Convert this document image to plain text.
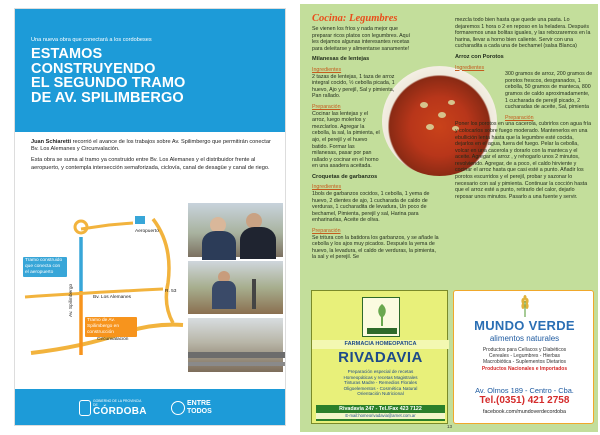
Una nueva obra que conectará a los cordobeses
ESTAMOS
CONSTRUYENDO
EL SEGUNDO TRAMO
DE AV. SPILIMBERGO

Juan Schiaretti recorrió el avance de los trabajos sobre Av. Spilimbergo que permitirán conectar Bv. Los Alemanes y Circunvalación.

Esta obra se suma al tramo ya construido entre Bv. Los Alemanes y el distribuidor frente al aeropuerto, y contempla intersección semaforizada, ciclovía, canal de desagüe y canal de riego.

Aeropuerto
R. 53
Bv. Los Alemanes
Av. Spilimbergo
Circunvalación
Tramo construido que conecta con el aeropuerto
Tramo de Av. Spilimbergo en construcción
GOBIERNO DE LA PROVINCIA DE
CÓRDOBA
ENTRE
TODOS
Cocina: Legumbres

Se vienen los fríos y nada mejor que preparar ricos platos con legumbres. Aquí les dejamos algunas interesantes recetas para deleitarse y alimentarse sanamente!

Milanesas de lentejas

Ingredientes

2 tazas de lentejas, 1 taza de arroz integral cocido, ½ cebolla picada, 1 huevo, Ajo y perejil, Sal y pimienta, Pan rallado.

Preparación

Cocinar las lentejas y el arroz, luego molerlos y mezclarlos. Agregar la cebolla, la sal, la pimienta, el ajo, el perejil y el huevo batido. Formar las milanesas, pasar por pan rallado y cocinar en el horno en una asadera aceitada.

Croquetas de garbanzos

Ingredientes

1bols de garbanzos cocidos, 1 cebolla, 1 yema de huevo, 2 dientes de ajo, 1 cucharada de caldo de verduras, 1 cucharadita de levadura, Un poco de bechamel, Pimienta, perejil y sal, Harina para enharinarlas, Aceite de oliva.

Preparación

Se tritura con la batidora los garbanzos, y se añade la cebolla y los ajos muy picados. Después la yema de huevo, la levadura, el caldo de verduras, la pimienta, la sal y el perejil. Se

mezcla todo bien hasta que quede una pasta. Lo dejaremos 1 hora o 2 en reposo en la heladera. Después formaremos unas bolitas iguales, y las rebozaremos en la harina, llevar a horno bien caliente. Servir con una cucharadita a cada una de bechamel (salsa Blanca)

Arroz con Porotos

Ingredientes

300 gramos de arroz, 200 gramos de porotos frescos, desgranados, 1 cebolla, 50 gramos de manteca, 800 gramos de caldo aproximadamente, 1 cucharada de perejil picado, 2 cucharadas de aceite, Sal, pimienta

Preparación

Poner los porotos en una cacerola, cubrirlos con agua fría y colocarlos sobre fuego moderado. Mantenerlos en una ebullición lenta hasta que la legumbre esté cocida, dejarlos en el agua, fuera del fuego. Pelar la cebolla, volcar en una cacerola y dorarlo con la manteca y el aceite. Agregar el arroz , y rehogarlo unos 2 minutos, revolviendo. Agregar, de a poco, el caldo hirviente y cocinar el arroz hasta que casi esté a punto. Añadir los porotos escurridos y el perejil, probar y sazonar lo necesario con sal y pimienta. Continuar la cocción hasta que el arroz esté a punto, retirarlo del calor, dejarlo reposar unos minutos. Pasarlo a una fuente y servir.

FARMACIA HOMEOPATICA
RIVADAVIA
Preparación especial de recetas
Homeopáticas y recetas Magistrales
Tinturas Madre - Remedios Florales
Oligoelementos - Cosmética Natural
Orientación Nutricional
Rivadavia 247 - Tel./Fax 423 7122
E-mail:homeorivadavia@arnet.com.ar
MUNDO VERDE
alimentos naturales
Productos para Celíacos y Diabéticos
Cereales - Legumbres - Hierbas
Macrobiótica - Suplementos Dietarios
Productos Nacionales e Importados
Av. Olmos 189 - Centro - Cba.
Tel.(0351) 421 2758
facebook.com/mundoverdecordoba
13
